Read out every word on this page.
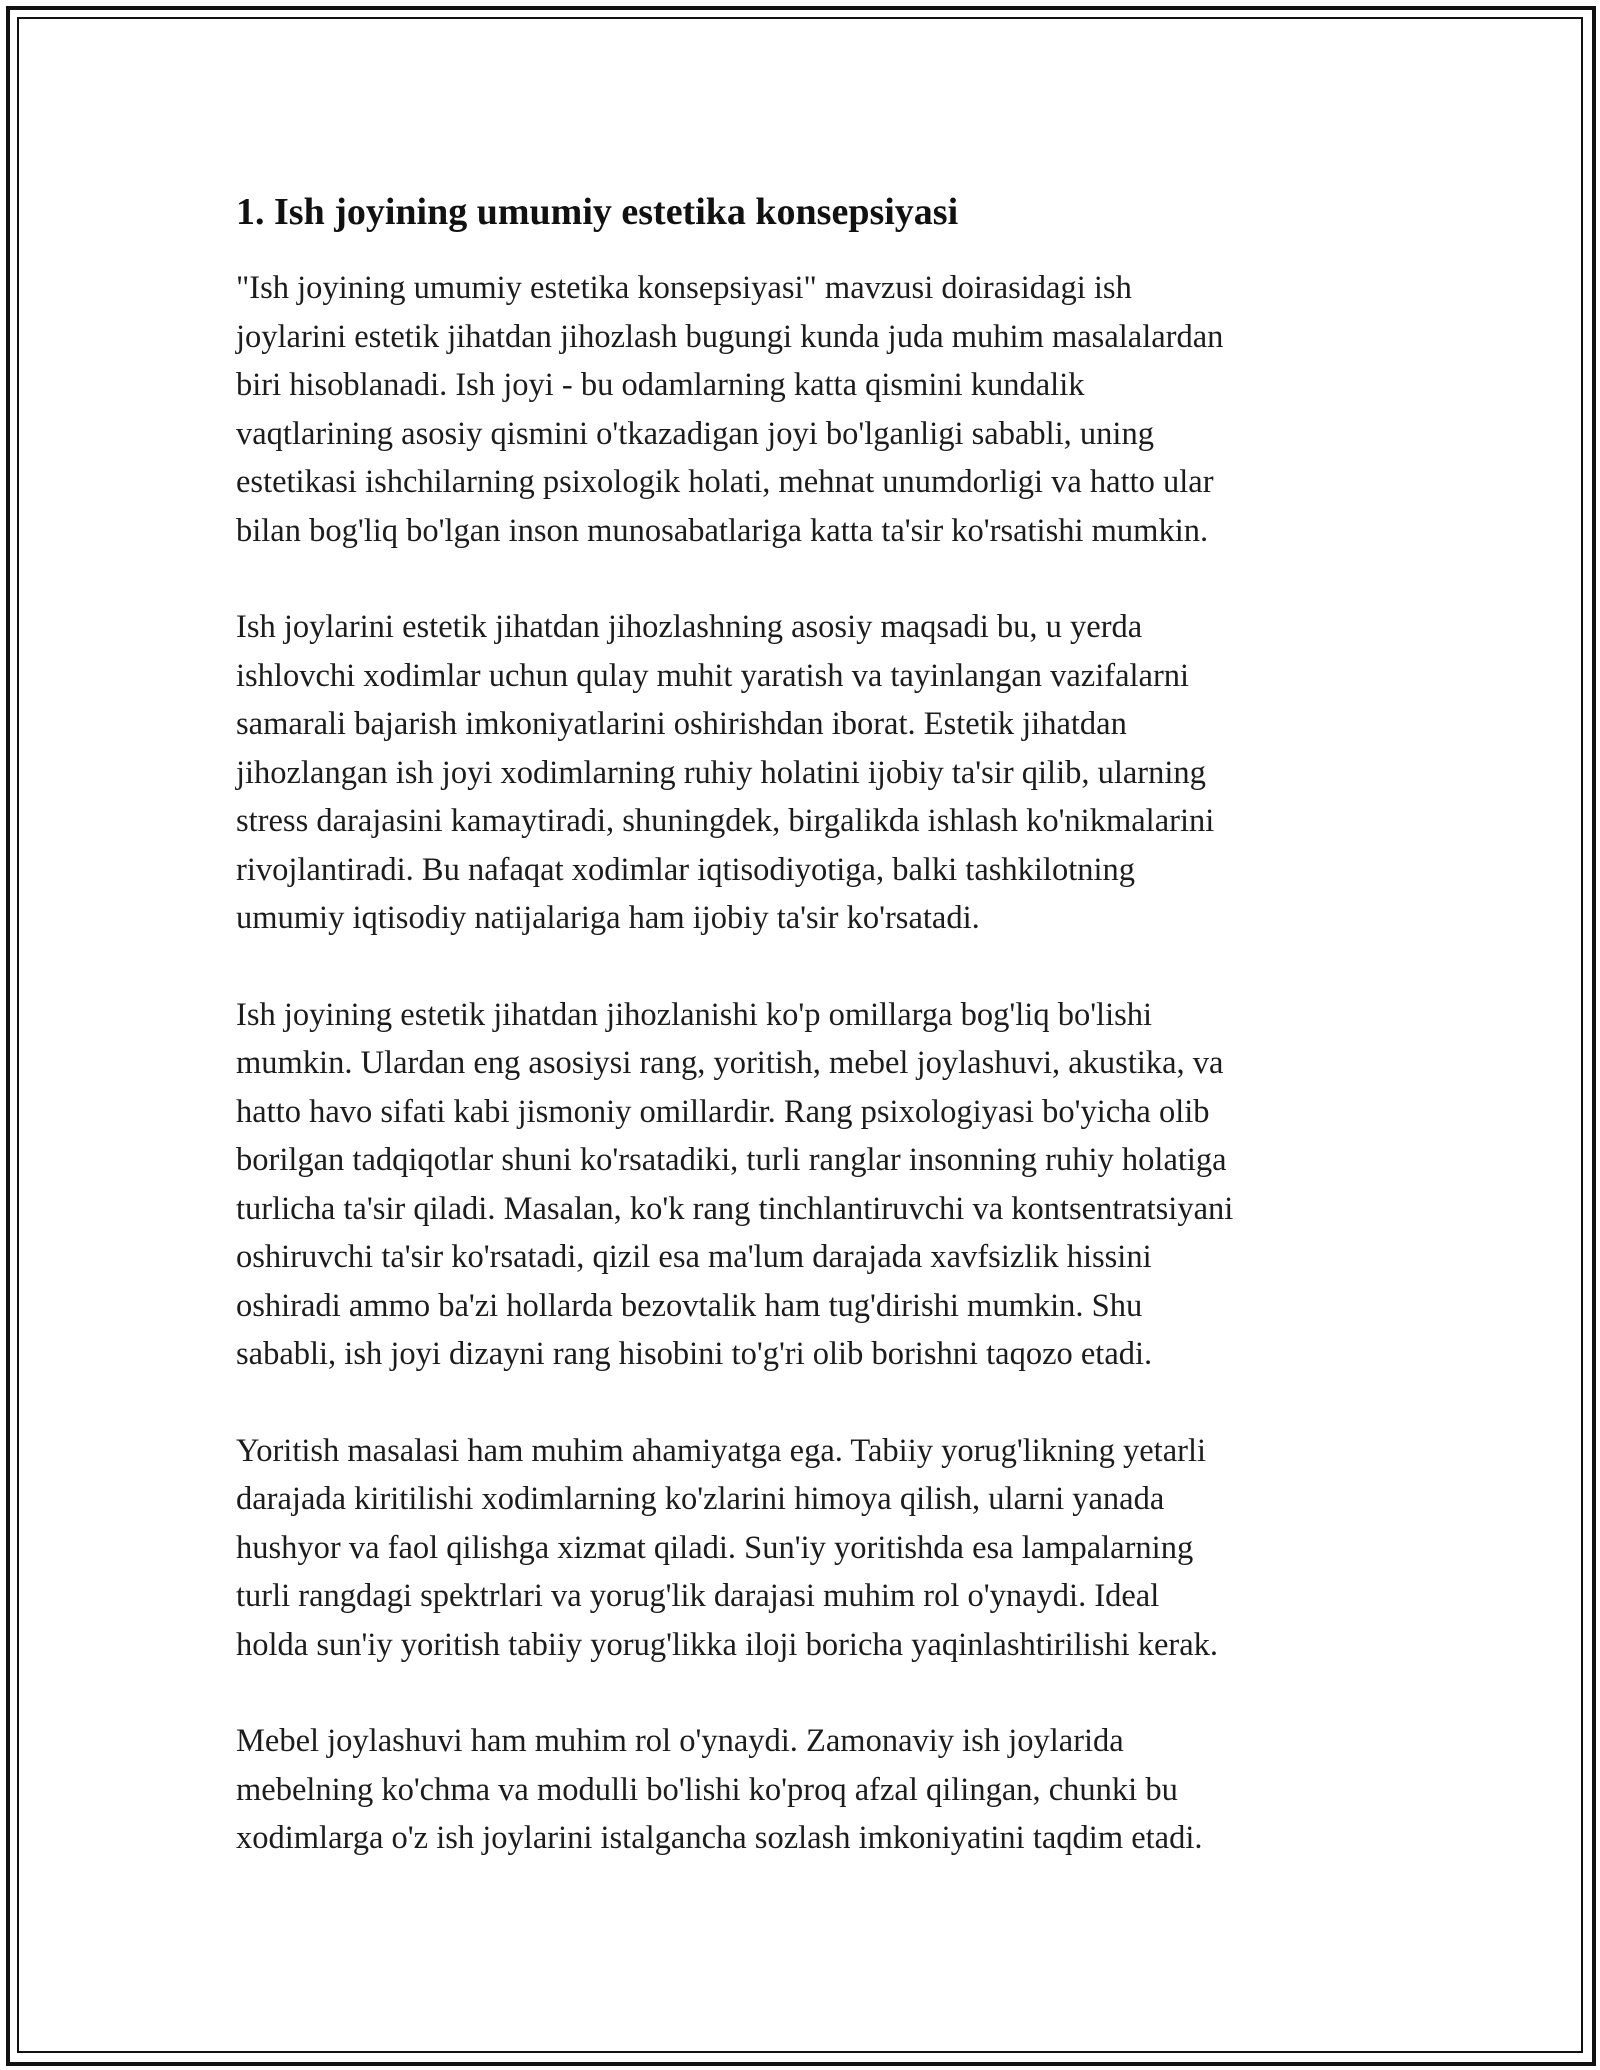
1. Ish joyining umumiy estetika konsepsiyasi

"Ish joyining umumiy estetika konsepsiyasi" mavzusi doirasidagi ish
joylarini estetik jihatdan jihozlash bugungi kunda juda muhim masalalardan
biri hisoblanadi. Ish joyi - bu odamlarning katta qismini kundalik
vaqtlarining asosiy qismini o'tkazadigan joyi bo'lganligi sababli, uning
estetikasi ishchilarning psixologik holati, mehnat unumdorligi va hatto ular
bilan bog'liq bo'lgan inson munosabatlariga katta ta'sir ko'rsatishi mumkin.

Ish joylarini estetik jihatdan jihozlashning asosiy maqsadi bu, u yerda
ishlovchi xodimlar uchun qulay muhit yaratish va tayinlangan vazifalarni
samarali bajarish imkoniyatlarini oshirishdan iborat. Estetik jihatdan
jihozlangan ish joyi xodimlarning ruhiy holatini ijobiy ta'sir qilib, ularning
stress darajasini kamaytiradi, shuningdek, birgalikda ishlash ko'nikmalarini
rivojlantiradi. Bu nafaqat xodimlar iqtisodiyotiga, balki tashkilotning
umumiy iqtisodiy natijalariga ham ijobiy ta'sir ko'rsatadi.

Ish joyining estetik jihatdan jihozlanishi ko'p omillarga bog'liq bo'lishi
mumkin. Ulardan eng asosiysi rang, yoritish, mebel joylashuvi, akustika, va
hatto havo sifati kabi jismoniy omillardir. Rang psixologiyasi bo'yicha olib
borilgan tadqiqotlar shuni ko'rsatadiki, turli ranglar insonning ruhiy holatiga
turlicha ta'sir qiladi. Masalan, ko'k rang tinchlantiruvchi va kontsentratsiyani
oshiruvchi ta'sir ko'rsatadi, qizil esa ma'lum darajada xavfsizlik hissini
oshiradi ammo ba'zi hollarda bezovtalik ham tug'dirishi mumkin. Shu
sababli, ish joyi dizayni rang hisobini to'g'ri olib borishni taqozo etadi.

Yoritish masalasi ham muhim ahamiyatga ega. Tabiiy yorug'likning yetarli
darajada kiritilishi xodimlarning ko'zlarini himoya qilish, ularni yanada
hushyor va faol qilishga xizmat qiladi. Sun'iy yoritishda esa lampalarning
turli rangdagi spektrlari va yorug'lik darajasi muhim rol o'ynaydi. Ideal
holda sun'iy yoritish tabiiy yorug'likka iloji boricha yaqinlashtirilishi kerak.

Mebel joylashuvi ham muhim rol o'ynaydi. Zamonaviy ish joylarida
mebelning ko'chma va modulli bo'lishi ko'proq afzal qilingan, chunki bu
xodimlarga o'z ish joylarini istalgancha sozlash imkoniyatini taqdim etadi.
